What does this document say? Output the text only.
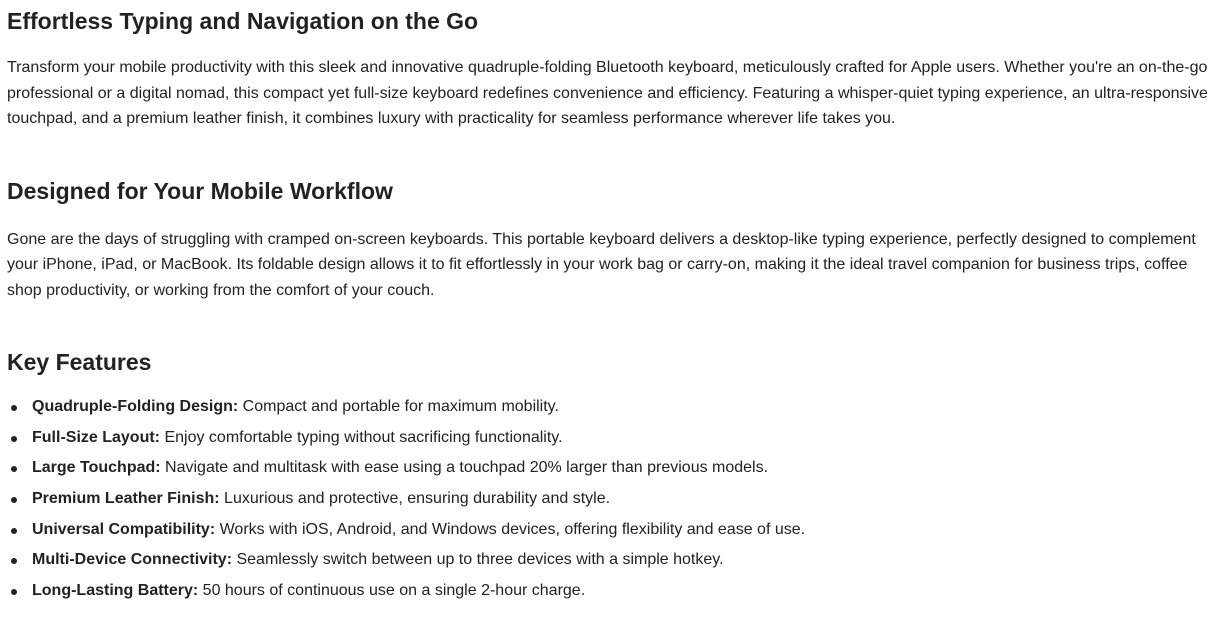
Effortless Typing and Navigation on the Go

Transform your mobile productivity with this sleek and innovative quadruple-folding Bluetooth keyboard, meticulously crafted for Apple users. Whether you're an on-the-go professional or a digital nomad, this compact yet full-size keyboard redefines convenience and efficiency. Featuring a whisper-quiet typing experience, an ultra-responsive touchpad, and a premium leather finish, it combines luxury with practicality for seamless performance wherever life takes you.

Designed for Your Mobile Workflow

Gone are the days of struggling with cramped on-screen keyboards. This portable keyboard delivers a desktop-like typing experience, perfectly designed to complement your iPhone, iPad, or MacBook. Its foldable design allows it to fit effortlessly in your work bag or carry-on, making it the ideal travel companion for business trips, coffee shop productivity, or working from the comfort of your couch.

Key Features
Quadruple-Folding Design: Compact and portable for maximum mobility.
Full-Size Layout: Enjoy comfortable typing without sacrificing functionality.
Large Touchpad: Navigate and multitask with ease using a touchpad 20% larger than previous models.
Premium Leather Finish: Luxurious and protective, ensuring durability and style.
Universal Compatibility: Works with iOS, Android, and Windows devices, offering flexibility and ease of use.
Multi-Device Connectivity: Seamlessly switch between up to three devices with a simple hotkey.
Long-Lasting Battery: 50 hours of continuous use on a single 2-hour charge.
